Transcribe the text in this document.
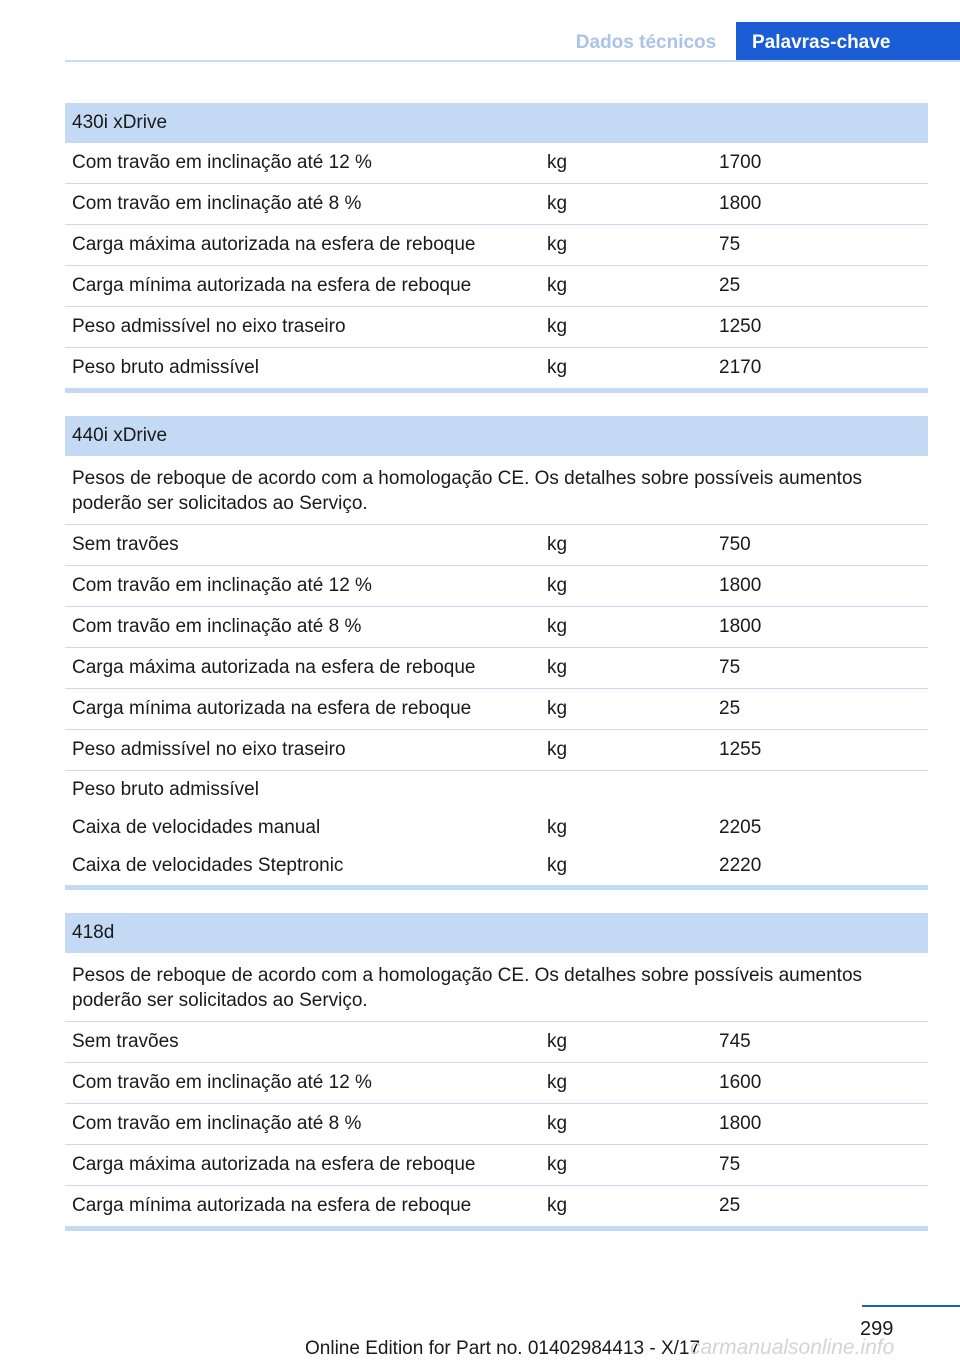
Dados técnicos	Palavras-chave
430i xDrive
Com travão em inclinação até 12 %	kg	1700
Com travão em inclinação até 8 %	kg	1800
Carga máxima autorizada na esfera de reboque	kg	75
Carga mínima autorizada na esfera de reboque	kg	25
Peso admissível no eixo traseiro	kg	1250
Peso bruto admissível	kg	2170
440i xDrive
Pesos de reboque de acordo com a homologação CE. Os detalhes sobre possíveis aumentos poderão ser solicitados ao Serviço.
Sem travões	kg	750
Com travão em inclinação até 12 %	kg	1800
Com travão em inclinação até 8 %	kg	1800
Carga máxima autorizada na esfera de reboque	kg	75
Carga mínima autorizada na esfera de reboque	kg	25
Peso admissível no eixo traseiro	kg	1255
Peso bruto admissível
Caixa de velocidades manual	kg	2205
Caixa de velocidades Steptronic	kg	2220
418d
Pesos de reboque de acordo com a homologação CE. Os detalhes sobre possíveis aumentos poderão ser solicitados ao Serviço.
Sem travões	kg	745
Com travão em inclinação até 12 %	kg	1600
Com travão em inclinação até 8 %	kg	1800
Carga máxima autorizada na esfera de reboque	kg	75
Carga mínima autorizada na esfera de reboque	kg	25
299
Online Edition for Part no. 01402984413 - X/17
carmanualsonline.info
